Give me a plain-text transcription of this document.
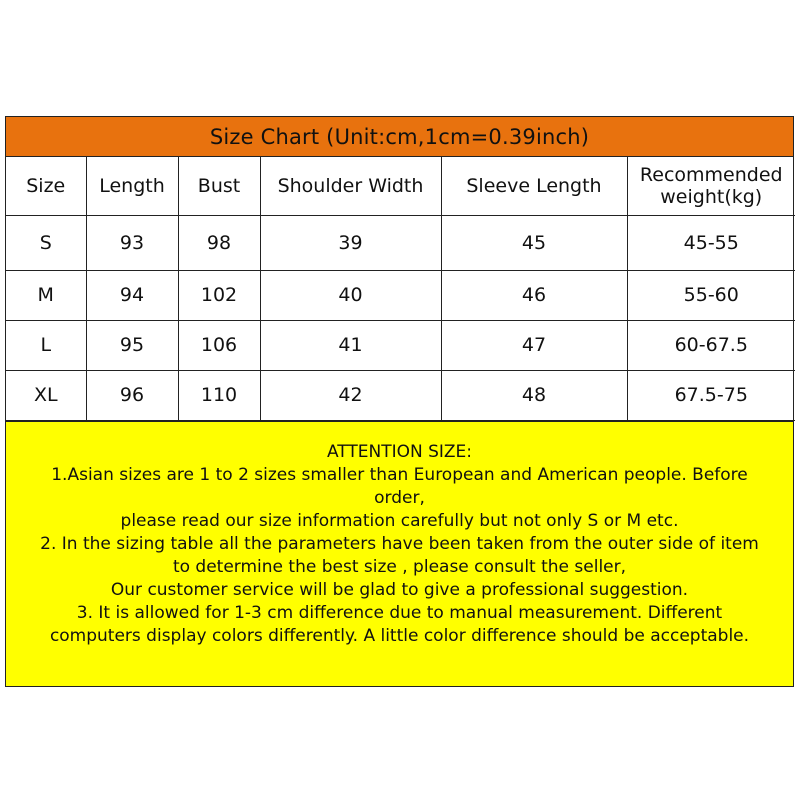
Size Chart (Unit:cm,1cm=0.39inch)
Size	Length	Bust	Shoulder Width	Sleeve Length	Recommended
weight(kg)

S	93	98	39	45	45-55
M	94	102	40	46	55-60
L	95	106	41	47	60-67.5
XL	96	110	42	48	67.5-75
ATTENTION SIZE:
1.Asian sizes are 1 to 2 sizes smaller than European and American people. Before
order,
please read our size information carefully but not only S or M etc.
2. In the sizing table all the parameters have been taken from the outer side of item
to determine the best size , please consult the seller,
Our customer service will be glad to give a professional suggestion.
3. It is allowed for 1-3 cm difference due to manual measurement. Different
computers display colors differently. A little color difference should be acceptable.
